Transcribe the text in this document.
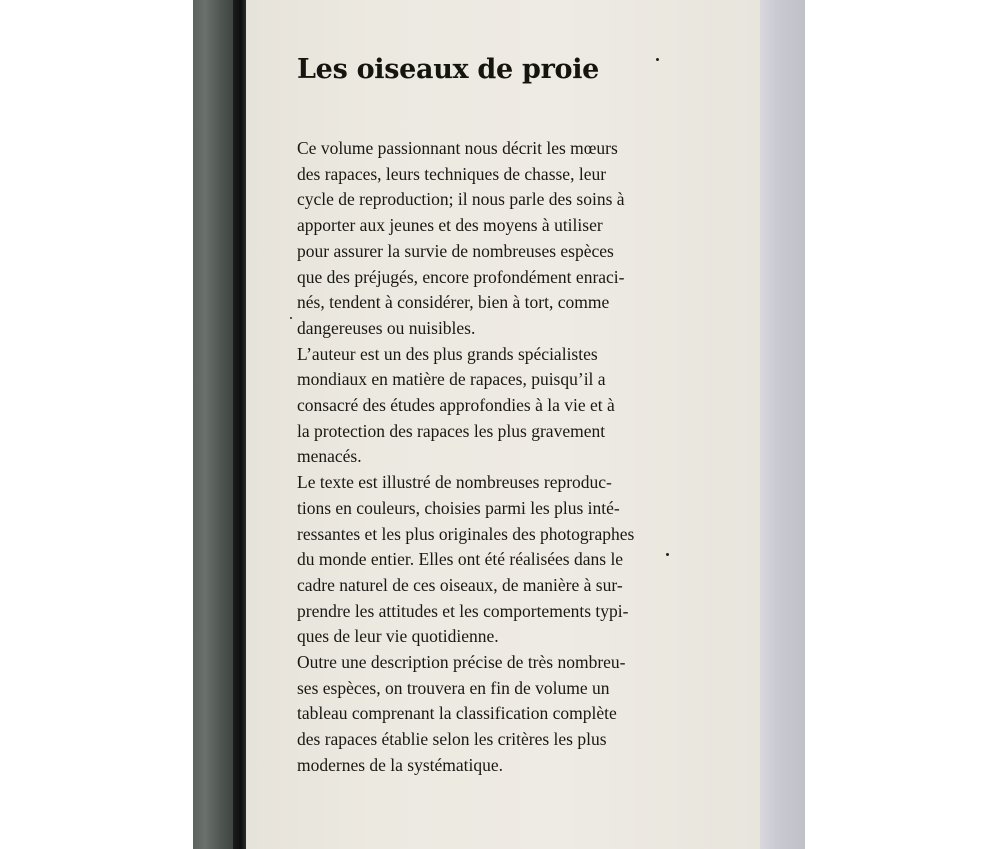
Les oiseaux de proie
Ce volume passionnant nous décrit les mœurs
des rapaces, leurs techniques de chasse, leur
cycle de reproduction; il nous parle des soins à
apporter aux jeunes et des moyens à utiliser
pour assurer la survie de nombreuses espèces
que des préjugés, encore profondément enraci-
nés, tendent à considérer, bien à tort, comme
dangereuses ou nuisibles.
L’auteur est un des plus grands spécialistes
mondiaux en matière de rapaces, puisqu’il a
consacré des études approfondies à la vie et à
la protection des rapaces les plus gravement
menacés.
Le texte est illustré de nombreuses reproduc-
tions en couleurs, choisies parmi les plus inté-
ressantes et les plus originales des photographes
du monde entier. Elles ont été réalisées dans le
cadre naturel de ces oiseaux, de manière à sur-
prendre les attitudes et les comportements typi-
ques de leur vie quotidienne.
Outre une description précise de très nombreu-
ses espèces, on trouvera en fin de volume un
tableau comprenant la classification complète
des rapaces établie selon les critères les plus
modernes de la systématique.
